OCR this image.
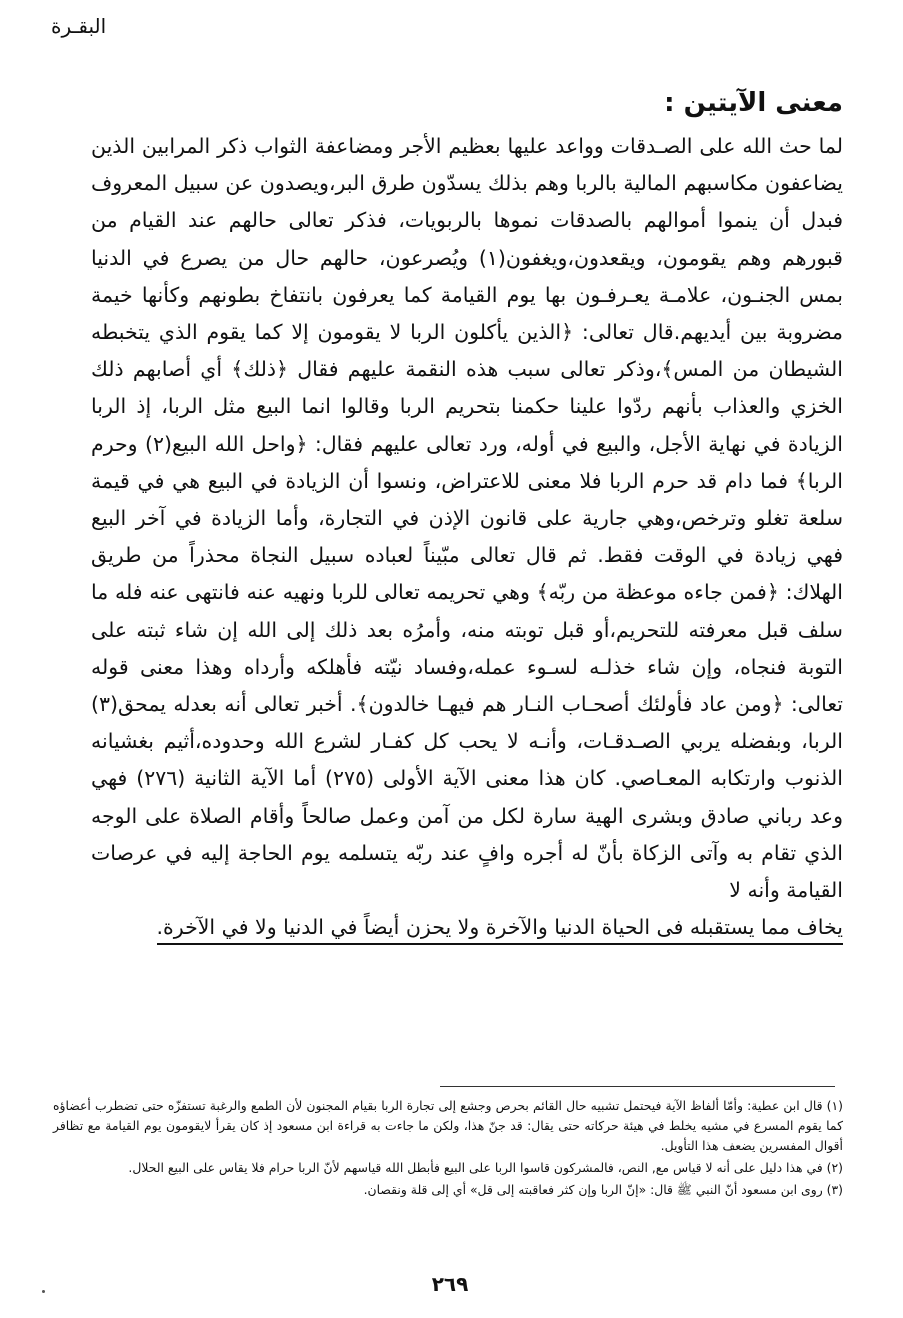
البقـرة
معنى الآيتين :

لما حث الله على الصـدقات وواعد عليها بعظيم الأجر ومضاعفة الثواب ذكر المرابين الذين يضاعفون مكاسبهم المالية بالربا وهم بذلك يسدّون طرق البر،ويصدون عن سبيل المعروف فبدل أن ينموا أموالهم بالصدقات نموها بالربويات، فذكر تعالى حالهم عند القيام من قبورهم وهم يقومون، ويقعدون،ويغفون(١) ويُصرعون، حالهم حال من يصرع في الدنيا بمس الجنـون، علامـة يعـرفـون بها يوم القيامة كما يعرفون بانتفاخ بطونهم وكأنها خيمة مضروبة بين أيديهم.قال تعالى: ﴿الذين يأكلون الربا لا يقومون إلا كما يقوم الذي يتخبطه الشيطان من المس﴾،وذكر تعالى سبب هذه النقمة عليهم فقال ﴿ذلك﴾ أي أصابهم ذلك الخزي والعذاب بأنهم ردّوا علينا حكمنا بتحريم الربا وقالوا انما البيع مثل الربا، إذ الربا الزيادة في نهاية الأجل، والبيع في أوله، ورد تعالى عليهم فقال: ﴿واحل الله البيع(٢) وحرم الربا﴾ فما دام قد حرم الربا فلا معنى للاعتراض، ونسوا أن الزيادة في البيع هي في قيمة سلعة تغلو وترخص،وهي جارية على قانون الإذن في التجارة، وأما الزيادة في آخر البيع فهي زيادة في الوقت فقط. ثم قال تعالى مبّيناً لعباده سبيل النجاة محذراً من طريق الهلاك: ﴿فمن جاءه موعظة من ربّه﴾ وهي تحريمه تعالى للربا ونهيه عنه فانتهى عنه فله ما سلف قبل معرفته للتحريم،أو قبل توبته منه، وأمرُه بعد ذلك إلى الله إن شاء ثبته على التوبة فنجاه، وإن شاء خذلـه لسـوء عمله،وفساد نيّته فأهلكه وأرداه وهذا معنى قوله تعالى: ﴿ومن عاد فأولئك أصحـاب النـار هم فيهـا خالدون﴾. أخبر تعالى أنه بعدله يمحق(٣) الربا، وبفضله يربي الصـدقـات، وأنـه لا يحب كل كفـار لشرع الله وحدوده،أثيم بغشيانه الذنوب وارتكابه المعـاصي. كان هذا معنى الآية الأولى (٢٧٥) أما الآية الثانية (٢٧٦) فهي وعد رباني صادق وبشرى الهية سارة لكل من آمن وعمل صالحاً وأقام الصلاة على الوجه الذي تقام به وآتى الزكاة بأنّ له أجره وافٍ عند ربّه يتسلمه يوم الحاجة إليه في عرصات القيامة وأنه لا

يخاف مما يستقبله فى الحياة الدنيا والآخرة ولا يحزن أيضاً في الدنيا ولا في الآخرة.

(١) قال ابن عطية: وأمّا ألفاظ الآية فيحتمل تشبيه حال القائم بحرص وجشع إلى تجارة الربا بقيام المجنون لأن الطمع والرغبة تستفزّه حتى تضطرب أعضاؤه كما يقوم المسرع في مشيه يخلط في هيئة حركاته حتى يقال: قد جنّ هذا، ولكن ما جاءت به قراءة ابن مسعود إذ كان يقرأ لايقومون يوم القيامة مع تظافر أقوال المفسرين يضعف هذا التأويل.

(٢) في هذا دليل على أنه لا قياس مع, النص، فالمشركون قاسوا الربا على البيع فأبطل الله قياسهم لأنّ الربا حرام فلا يقاس على البيع الحلال.

(٣) روى ابن مسعود أنّ النبي ﷺ قال: «إنّ الربا وإن كثر فعاقبته إلى قل» أي إلى قلة ونقصان.

٢٦٩
